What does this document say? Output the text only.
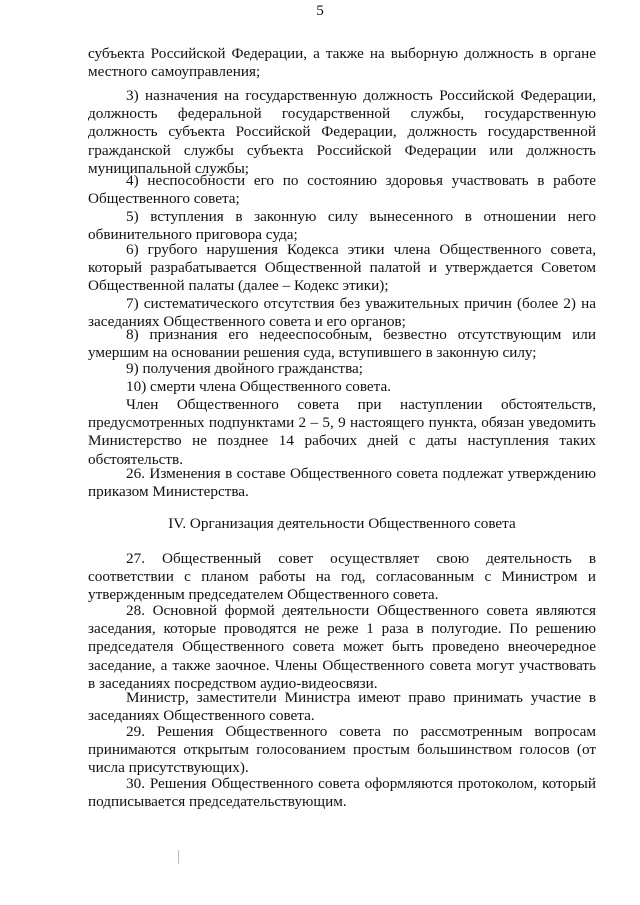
5
субъекта Российской Федерации, а также на выборную должность в органе местного самоуправления;
3) назначения на государственную должность Российской Федерации, должность федеральной государственной службы, государственную должность субъекта Российской Федерации, должность государственной гражданской службы субъекта Российской Федерации или должность муниципальной службы;
4) неспособности его по состоянию здоровья участвовать в работе Общественного совета;
5) вступления в законную силу вынесенного в отношении него обвинительного приговора суда;
6) грубого нарушения Кодекса этики члена Общественного совета, который разрабатывается Общественной палатой и утверждается Советом Общественной палаты (далее – Кодекс этики);
7) систематического отсутствия без уважительных причин (более 2) на заседаниях Общественного совета и его органов;
8) признания его недееспособным, безвестно отсутствующим или умершим на основании решения суда, вступившего в законную силу;
9) получения двойного гражданства;
10) смерти члена Общественного совета.
Член Общественного совета при наступлении обстоятельств, предусмотренных подпунктами 2 – 5, 9 настоящего пункта, обязан уведомить Министерство не позднее 14 рабочих дней с даты наступления таких обстоятельств.
26. Изменения в составе Общественного совета подлежат утверждению приказом Министерства.
IV. Организация деятельности Общественного совета
27. Общественный совет осуществляет свою деятельность в соответствии с планом работы на год, согласованным с Министром и утвержденным председателем Общественного совета.
28. Основной формой деятельности Общественного совета являются заседания, которые проводятся не реже 1 раза в полугодие. По решению председателя Общественного совета может быть проведено внеочередное заседание, а также заочное. Члены Общественного совета могут участвовать в заседаниях посредством аудио-видеосвязи.
Министр, заместители Министра имеют право принимать участие в заседаниях Общественного совета.
29. Решения Общественного совета по рассмотренным вопросам принимаются открытым голосованием простым большинством голосов (от числа присутствующих).
30. Решения Общественного совета оформляются протоколом, который подписывается председательствующим.
